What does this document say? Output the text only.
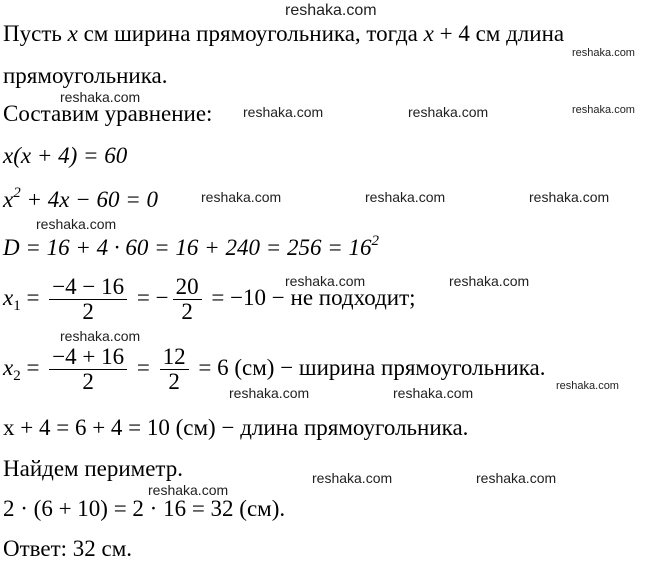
reshaka.com
Пусть x см ширина прямоугольника, тогда x + 4 см длина
прямоугольника.
Составим уравнение:
x(x + 4) = 60
$x^2 + 4x - 60 = 0$
$D = 16 + 4 \cdot 60 = 16 + 240 = 256 = 16^2$
$x_1 = \frac{-4 - 16}{2}$ = − $\frac{20}{2} = -10$ − не подходит;
$x_2 = \frac{-4 + 16}{2} = \frac{12}{2} = 6$ (см) − ширина прямоугольника.
x + 4 = 6 + 4 = 10 (см) − длина прямоугольника.
Найдем периметр.
2 · (6 + 10) = 2 · 16 = 32 (см).
Ответ: 32 см.
reshaka.com
reshaka.com
reshaka.com	reshaka.com	reshaka.com
reshaka.com	reshaka.com	reshaka.com
reshaka.com
reshaka.com	reshaka.com
reshaka.com
reshaka.com	reshaka.com	reshaka.com
reshaka.com	reshaka.com
reshaka.com
